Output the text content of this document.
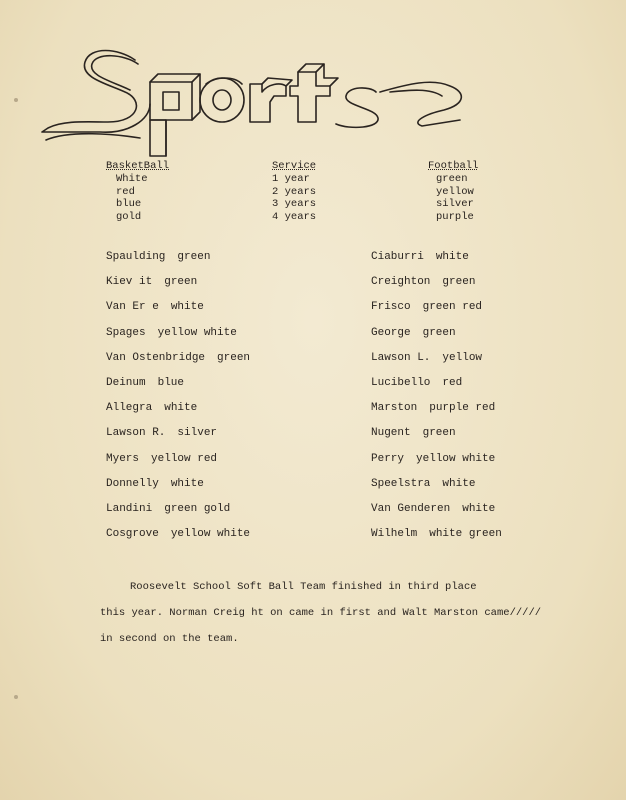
BasketBall
White
red
blue
gold
Service
1 year
2 years
3 years
4 years
Football
green
yellow
silver
purple
Spaulding green
Kiev it green
Van Er e white
Spages yellow white
Van Ostenbridge green
Deinum blue
Allegra white
Lawson R. silver
Myers yellow red
Donnelly white
Landini green gold
Cosgrove yellow white
Ciaburri white
Creighton green
Frisco green red
George green
Lawson L. yellow
Lucibello red
Marston purple red
Nugent green
Perry yellow white
Speelstra white
Van Genderen white
Wilhelm white green
Roosevelt School Soft Ball Team finished in third place
this year. Norman Creig ht on came in first and Walt Marston came/////
in second on the team.
